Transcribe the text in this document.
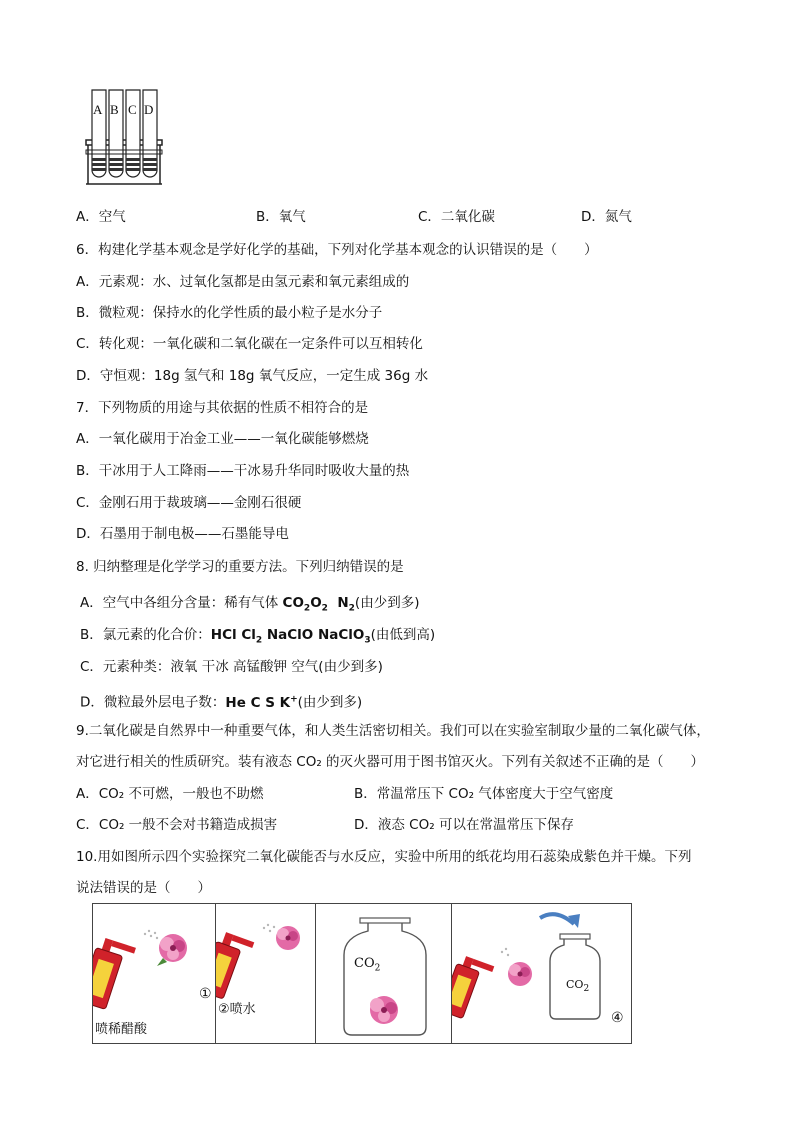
A B C D
A．空气	B．氧气	C．二氧化碳	D．氮气
6．构建化学基本观念是学好化学的基础，下列对化学基本观念的认识错误的是（　　）
A．元素观：水、过氧化氢都是由氢元素和氧元素组成的
B．微粒观：保持水的化学性质的最小粒子是水分子
C．转化观：一氧化碳和二氧化碳在一定条件可以互相转化
D．守恒观：18g 氢气和 18g 氧气反应，一定生成 36g 水
7．下列物质的用途与其依据的性质不相符合的是
A．一氧化碳用于冶金工业——一氧化碳能够燃烧
B．干冰用于人工降雨——干冰易升华同时吸收大量的热
C．金刚石用于裁玻璃——金刚石很硬
D．石墨用于制电极——石墨能导电
8. 归纳整理是化学学习的重要方法。下列归纳错误的是
A．空气中各组分含量：稀有气体 $CO_2O_2$ $N_2$(由少到多)
B．氯元素的化合价：HCl $Cl_2$ NaClO NaClO$_3$(由低到高)
C．元素种类：液氧 干冰 高锰酸钾 空气(由少到多)
D．微粒最外层电子数：He C S K+(由少到多)
9.二氧化碳是自然界中一种重要气体，和人类生活密切相关。我们可以在实验室制取少量的二氧化碳气体，
对它进行相关的性质研究。装有液态 CO₂ 的灭火器可用于图书馆灭火。下列有关叙述不正确的是（　　）
A．CO₂ 不可燃，一般也不助燃	B．常温常压下 CO₂ 气体密度大于空气密度
C．CO₂ 一般不会对书籍造成损害	D．液态 CO₂ 可以在常温常压下保存
10.用如图所示四个实验探究二氧化碳能否与水反应，实验中所用的纸花均用石蕊染成紫色并干燥。下列
说法错误的是（　　）
①
喷稀醋酸
②喷水
$CO_2$
$CO_2$
④
